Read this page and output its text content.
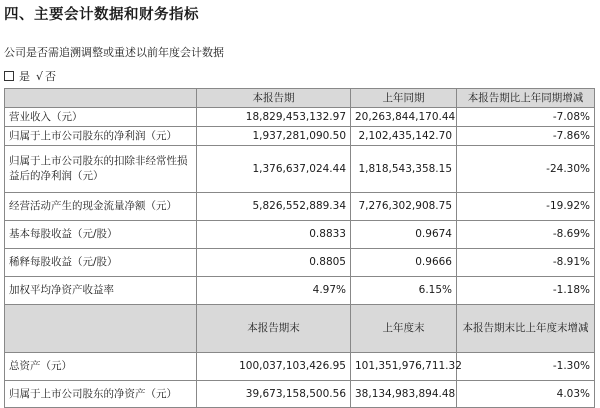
四、主要会计数据和财务指标

公司是否需追溯调整或重述以前年度会计数据

是 √ 否

	本报告期	上年同期	本报告期比上年同期增减
营业收入（元）	18,829,453,132.97	20,263,844,170.44	-7.08%
归属于上市公司股东的净利润（元）	1,937,281,090.50	2,102,435,142.70	-7.86%
归属于上市公司股东的扣除非经常性损益后的净利润（元）	1,376,637,024.44	1,818,543,358.15	-24.30%
经营活动产生的现金流量净额（元）	5,826,552,889.34	7,276,302,908.75	-19.92%
基本每股收益（元/股）	0.8833	0.9674	-8.69%
稀释每股收益（元/股）	0.8805	0.9666	-8.91%
加权平均净资产收益率	4.97%	6.15%	-1.18%
	本报告期末	上年度末	本报告期末比上年度末增减
总资产（元）	100,037,103,426.95	101,351,976,711.32	-1.30%
归属于上市公司股东的净资产（元）	39,673,158,500.56	38,134,983,894.48	4.03%
